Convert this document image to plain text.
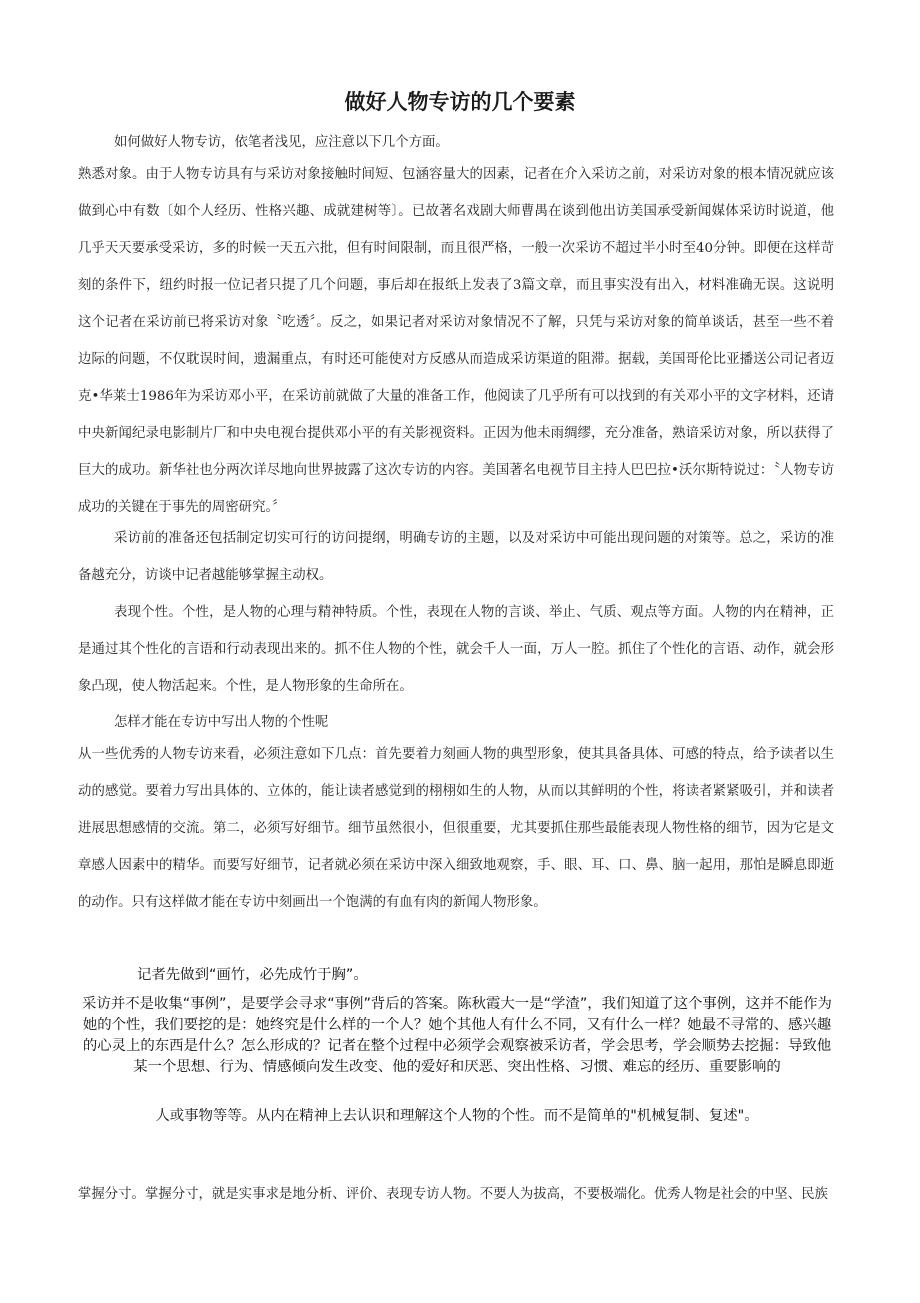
做好人物专访的几个要素

如何做好人物专访，依笔者浅见，应注意以下几个方面。

熟悉对象。由于人物专访具有与采访对象接触时间短、包涵容量大的因素，记者在介入采访之前，对采访对象的根本情况就应该做到心中有数〔如个人经历、性格兴趣、成就建树等〕。已故著名戏剧大师曹禺在谈到他出访美国承受新闻媒体采访时说道，他几乎天天要承受采访，多的时候一天五六批，但有时间限制，而且很严格，一般一次采访不超过半小时至40分钟。即便在这样苛刻的条件下，纽约时报一位记者只提了几个问题，事后却在报纸上发表了3篇文章，而且事实没有出入，材料准确无误。这说明这个记者在采访前已将采访对象〝吃透〞。反之，如果记者对采访对象情况不了解，只凭与采访对象的简单谈话，甚至一些不着边际的问题，不仅耽误时间，遗漏重点，有时还可能使对方反感从而造成采访渠道的阻滞。据载，美国哥伦比亚播送公司记者迈克•华莱士1986年为采访邓小平，在采访前就做了大量的准备工作，他阅读了几乎所有可以找到的有关邓小平的文字材料，还请中央新闻纪录电影制片厂和中央电视台提供邓小平的有关影视资料。正因为他未雨绸缪，充分准备，熟谙采访对象，所以获得了巨大的成功。新华社也分两次详尽地向世界披露了这次专访的内容。美国著名电视节目主持人巴巴拉•沃尔斯特说过：〝人物专访成功的关键在于事先的周密研究。〞

采访前的准备还包括制定切实可行的访问提纲，明确专访的主题，以及对采访中可能出现问题的对策等。总之，采访的准备越充分，访谈中记者越能够掌握主动权。

表现个性。个性，是人物的心理与精神特质。个性，表现在人物的言谈、举止、气质、观点等方面。人物的内在精神，正是通过其个性化的言语和行动表现出来的。抓不住人物的个性，就会千人一面，万人一腔。抓住了个性化的言语、动作，就会形象凸现，使人物活起来。个性，是人物形象的生命所在。

怎样才能在专访中写出人物的个性呢

从一些优秀的人物专访来看，必须注意如下几点：首先要着力刻画人物的典型形象，使其具备具体、可感的特点，给予读者以生动的感觉。要着力写出具体的、立体的，能让读者感觉到的栩栩如生的人物，从而以其鲜明的个性，将读者紧紧吸引，并和读者进展思想感情的交流。第二，必须写好细节。细节虽然很小，但很重要，尤其要抓住那些最能表现人物性格的细节，因为它是文章感人因素中的精华。而要写好细节，记者就必须在采访中深入细致地观察，手、眼、耳、口、鼻、脑一起用，那怕是瞬息即逝的动作。只有这样做才能在专访中刻画出一个饱满的有血有肉的新闻人物形象。

记者先做到“画竹，必先成竹于胸”。

采访并不是收集“事例”，是要学会寻求“事例”背后的答案。陈秋霞大一是“学渣”，我们知道了这个事例，这并不能作为她的个性，我们要挖的是：她终究是什么样的一个人？她个其他人有什么不同，又有什么一样？她最不寻常的、感兴趣的心灵上的东西是什么？怎么形成的？记者在整个过程中必须学会观察被采访者，学会思考，学会顺势去挖掘：导致他某一个思想、行为、情感倾向发生改变、他的爱好和厌恶、突出性格、习惯、难忘的经历、重要影响的

人或事物等等。从内在精神上去认识和理解这个人物的个性。而不是简单的"机械复制、复述"。

掌握分寸。掌握分寸，就是实事求是地分析、评价、表现专访人物。不要人为拔高，不要极端化。优秀人物是社会的中坚、民族
